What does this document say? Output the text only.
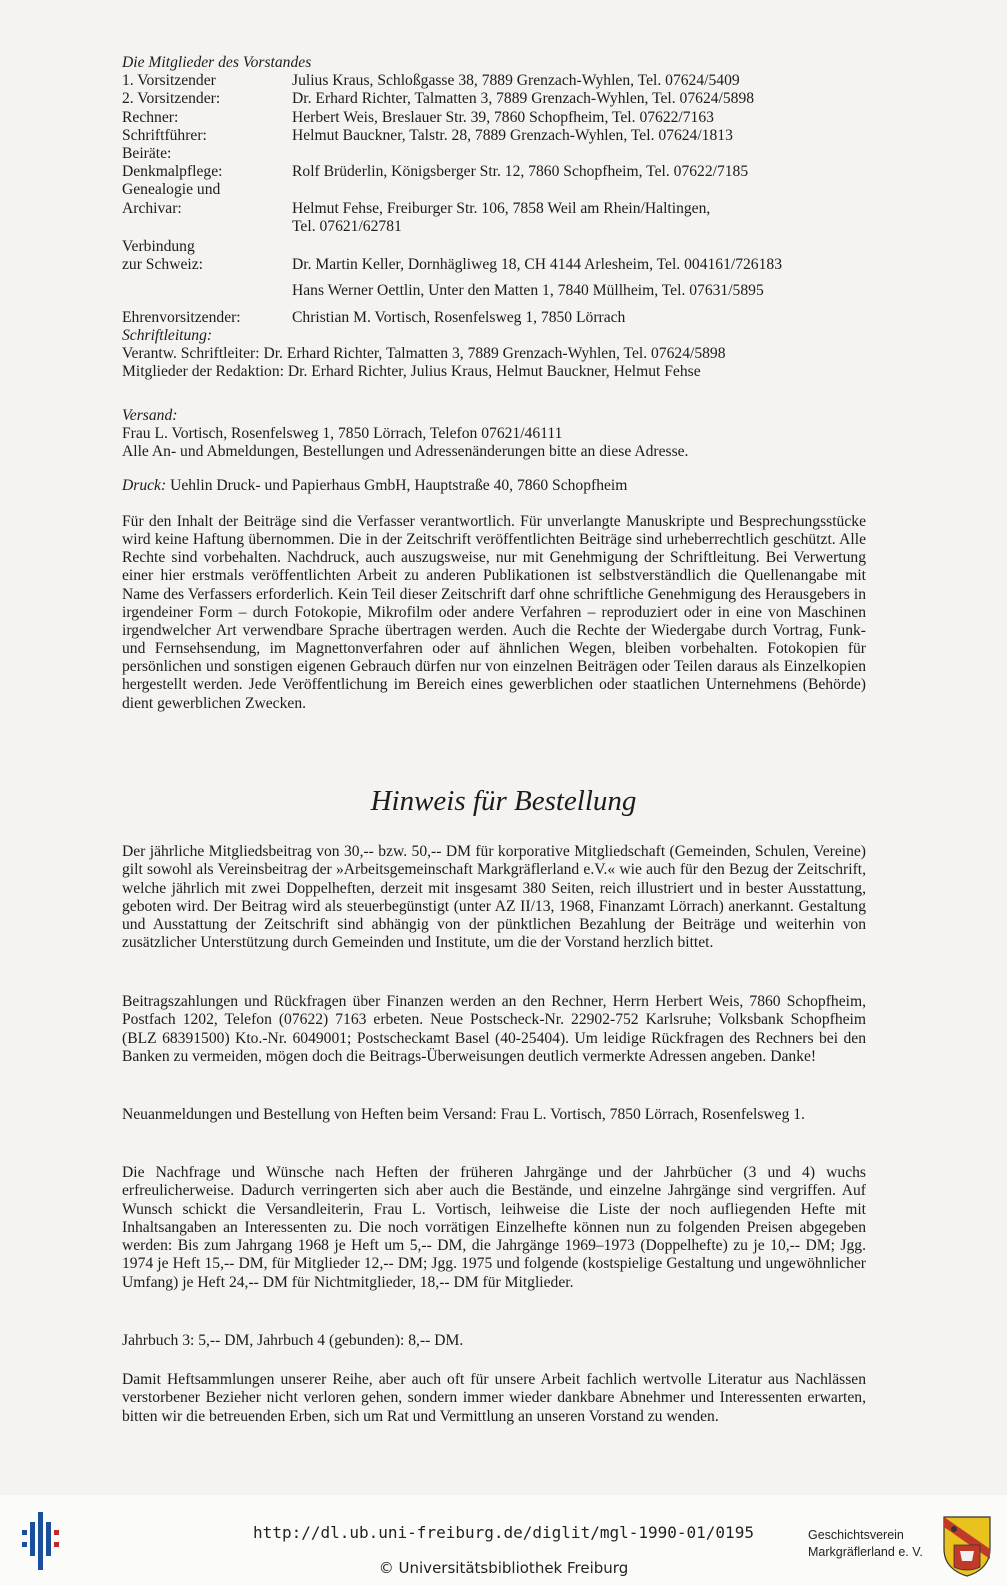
Die Mitglieder des Vorstandes
1. Vorsitzender	Julius Kraus, Schloßgasse 38, 7889 Grenzach-Wyhlen, Tel. 07624/5409
2. Vorsitzender:	Dr. Erhard Richter, Talmatten 3, 7889 Grenzach-Wyhlen, Tel. 07624/5898
Rechner:	Herbert Weis, Breslauer Str. 39, 7860 Schopfheim, Tel. 07622/7163
Schriftführer:	Helmut Bauckner, Talstr. 28, 7889 Grenzach-Wyhlen, Tel. 07624/1813
Beiräte:
Denkmalpflege:	Rolf Brüderlin, Königsberger Str. 12, 7860 Schopfheim, Tel. 07622/7185
Genealogie und
Archivar:	Helmut Fehse, Freiburger Str. 106, 7858 Weil am Rhein/Haltingen,
Tel. 07621/62781
Verbindung
zur Schweiz:	Dr. Martin Keller, Dornhägliweg 18, CH 4144 Arlesheim, Tel. 004161/726183
Hans Werner Oettlin, Unter den Matten 1, 7840 Müllheim, Tel. 07631/5895
Ehrenvorsitzender:	Christian M. Vortisch, Rosenfelsweg 1, 7850 Lörrach
Schriftleitung:
Verantw. Schriftleiter: Dr. Erhard Richter, Talmatten 3, 7889 Grenzach-Wyhlen, Tel. 07624/5898
Mitglieder der Redaktion: Dr. Erhard Richter, Julius Kraus, Helmut Bauckner, Helmut Fehse
Versand:
Frau L. Vortisch, Rosenfelsweg 1, 7850 Lörrach, Telefon 07621/46111
Alle An- und Abmeldungen, Bestellungen und Adressenänderungen bitte an diese Adresse.
Druck: Uehlin Druck- und Papierhaus GmbH, Hauptstraße 40, 7860 Schopfheim
Für den Inhalt der Beiträge sind die Verfasser verantwortlich. Für unverlangte Manuskripte und Besprechungsstücke wird keine Haftung übernommen. Die in der Zeitschrift veröffentlichten Beiträge sind urheberrechtlich geschützt. Alle Rechte sind vorbehalten. Nachdruck, auch auszugsweise, nur mit Genehmigung der Schriftleitung. Bei Verwertung einer hier erstmals veröffentlichten Arbeit zu anderen Publikationen ist selbstverständlich die Quellenangabe mit Name des Verfassers erforderlich. Kein Teil dieser Zeitschrift darf ohne schriftliche Genehmigung des Herausgebers in irgendeiner Form – durch Fotokopie, Mikrofilm oder andere Verfahren – reproduziert oder in eine von Maschinen irgendwelcher Art verwendbare Sprache übertragen werden. Auch die Rechte der Wiedergabe durch Vortrag, Funk- und Fernsehsendung, im Magnettonverfahren oder auf ähnlichen Wegen, bleiben vorbehalten. Fotokopien für persönlichen und sonstigen eigenen Gebrauch dürfen nur von einzelnen Beiträgen oder Teilen daraus als Einzelkopien hergestellt werden. Jede Veröffentlichung im Bereich eines gewerblichen oder staatlichen Unternehmens (Behörde) dient gewerblichen Zwecken.
Hinweis für Bestellung
Der jährliche Mitgliedsbeitrag von 30,-- bzw. 50,-- DM für korporative Mitgliedschaft (Gemeinden, Schulen, Vereine) gilt sowohl als Vereinsbeitrag der »Arbeitsgemeinschaft Markgräflerland e.V.« wie auch für den Bezug der Zeitschrift, welche jährlich mit zwei Doppelheften, derzeit mit insgesamt 380 Seiten, reich illustriert und in bester Ausstattung, geboten wird. Der Beitrag wird als steuerbegünstigt (unter AZ II/13, 1968, Finanzamt Lörrach) anerkannt. Gestaltung und Ausstattung der Zeitschrift sind abhängig von der pünktlichen Bezahlung der Beiträge und weiterhin von zusätzlicher Unterstützung durch Gemeinden und Institute, um die der Vorstand herzlich bittet.
Beitragszahlungen und Rückfragen über Finanzen werden an den Rechner, Herrn Herbert Weis, 7860 Schopfheim, Postfach 1202, Telefon (07622) 7163 erbeten. Neue Postscheck-Nr. 22902-752 Karlsruhe; Volksbank Schopfheim (BLZ 68391500) Kto.-Nr. 6049001; Postscheckamt Basel (40-25404). Um leidige Rückfragen des Rechners bei den Banken zu vermeiden, mögen doch die Beitrags-Überweisungen deutlich vermerkte Adressen angeben. Danke!
Neuanmeldungen und Bestellung von Heften beim Versand: Frau L. Vortisch, 7850 Lörrach, Rosenfelsweg 1.
Die Nachfrage und Wünsche nach Heften der früheren Jahrgänge und der Jahrbücher (3 und 4) wuchs erfreulicherweise. Dadurch verringerten sich aber auch die Bestände, und einzelne Jahrgänge sind vergriffen. Auf Wunsch schickt die Versandleiterin, Frau L. Vortisch, leihweise die Liste der noch aufliegenden Hefte mit Inhaltsangaben an Interessenten zu. Die noch vorrätigen Einzelhefte können nun zu folgenden Preisen abgegeben werden: Bis zum Jahrgang 1968 je Heft um 5,-- DM, die Jahrgänge 1969–1973 (Doppelhefte) zu je 10,-- DM; Jgg. 1974 je Heft 15,-- DM, für Mitglieder 12,-- DM; Jgg. 1975 und folgende (kostspielige Gestaltung und ungewöhnlicher Umfang) je Heft 24,-- DM für Nichtmitglieder, 18,-- DM für Mitglieder.
Jahrbuch 3: 5,-- DM, Jahrbuch 4 (gebunden): 8,-- DM.
Damit Heftsammlungen unserer Reihe, aber auch oft für unsere Arbeit fachlich wertvolle Literatur aus Nachlässen verstorbener Bezieher nicht verloren gehen, sondern immer wieder dankbare Abnehmer und Interessenten erwarten, bitten wir die betreuenden Erben, sich um Rat und Vermittlung an unseren Vorstand zu wenden.
http://dl.ub.uni-freiburg.de/diglit/mgl-1990-01/0195
© Universitätsbibliothek Freiburg
Geschichtsverein
Markgräflerland e. V.
